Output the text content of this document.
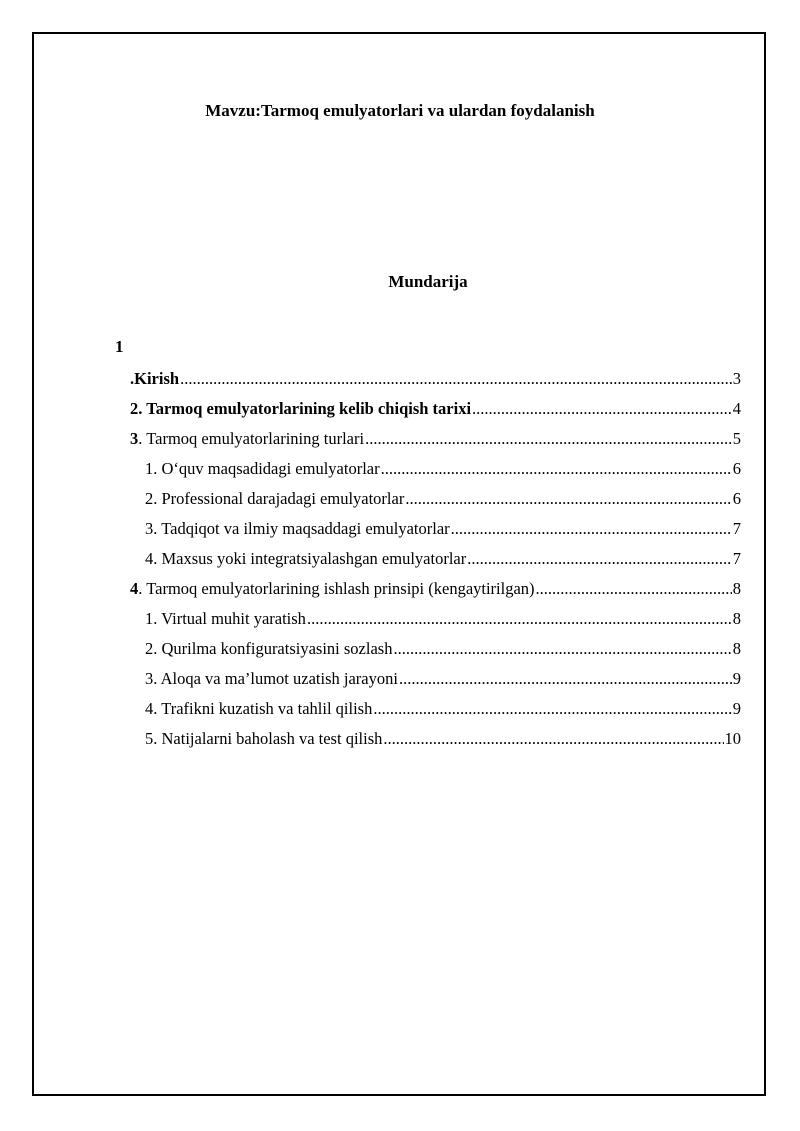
Mavzu:Tarmoq emulyatorlari va ulardan foydalanish
Mundarija
1
.Kirish .....	3
2. Tarmoq emulyatorlarining kelib chiqish tarixi .....	4
3. Tarmoq emulyatorlarining turlari .....	5
1. O‘quv maqsadidagi emulyatorlar .....	6
2. Professional darajadagi emulyatorlar .....	6
3. Tadqiqot va ilmiy maqsaddagi emulyatorlar .....	7
4. Maxsus yoki integratsiyalashgan emulyatorlar .....	7
4. Tarmoq emulyatorlarining ishlash prinsipi (kengaytirilgan) .....	8
1. Virtual muhit yaratish .....	8
2. Qurilma konfiguratsiyasini sozlash .....	8
3. Aloqa va ma’lumot uzatish jarayoni .....	9
4. Trafikni kuzatish va tahlil qilish .....	9
5. Natijalarni baholash va test qilish .....	10
